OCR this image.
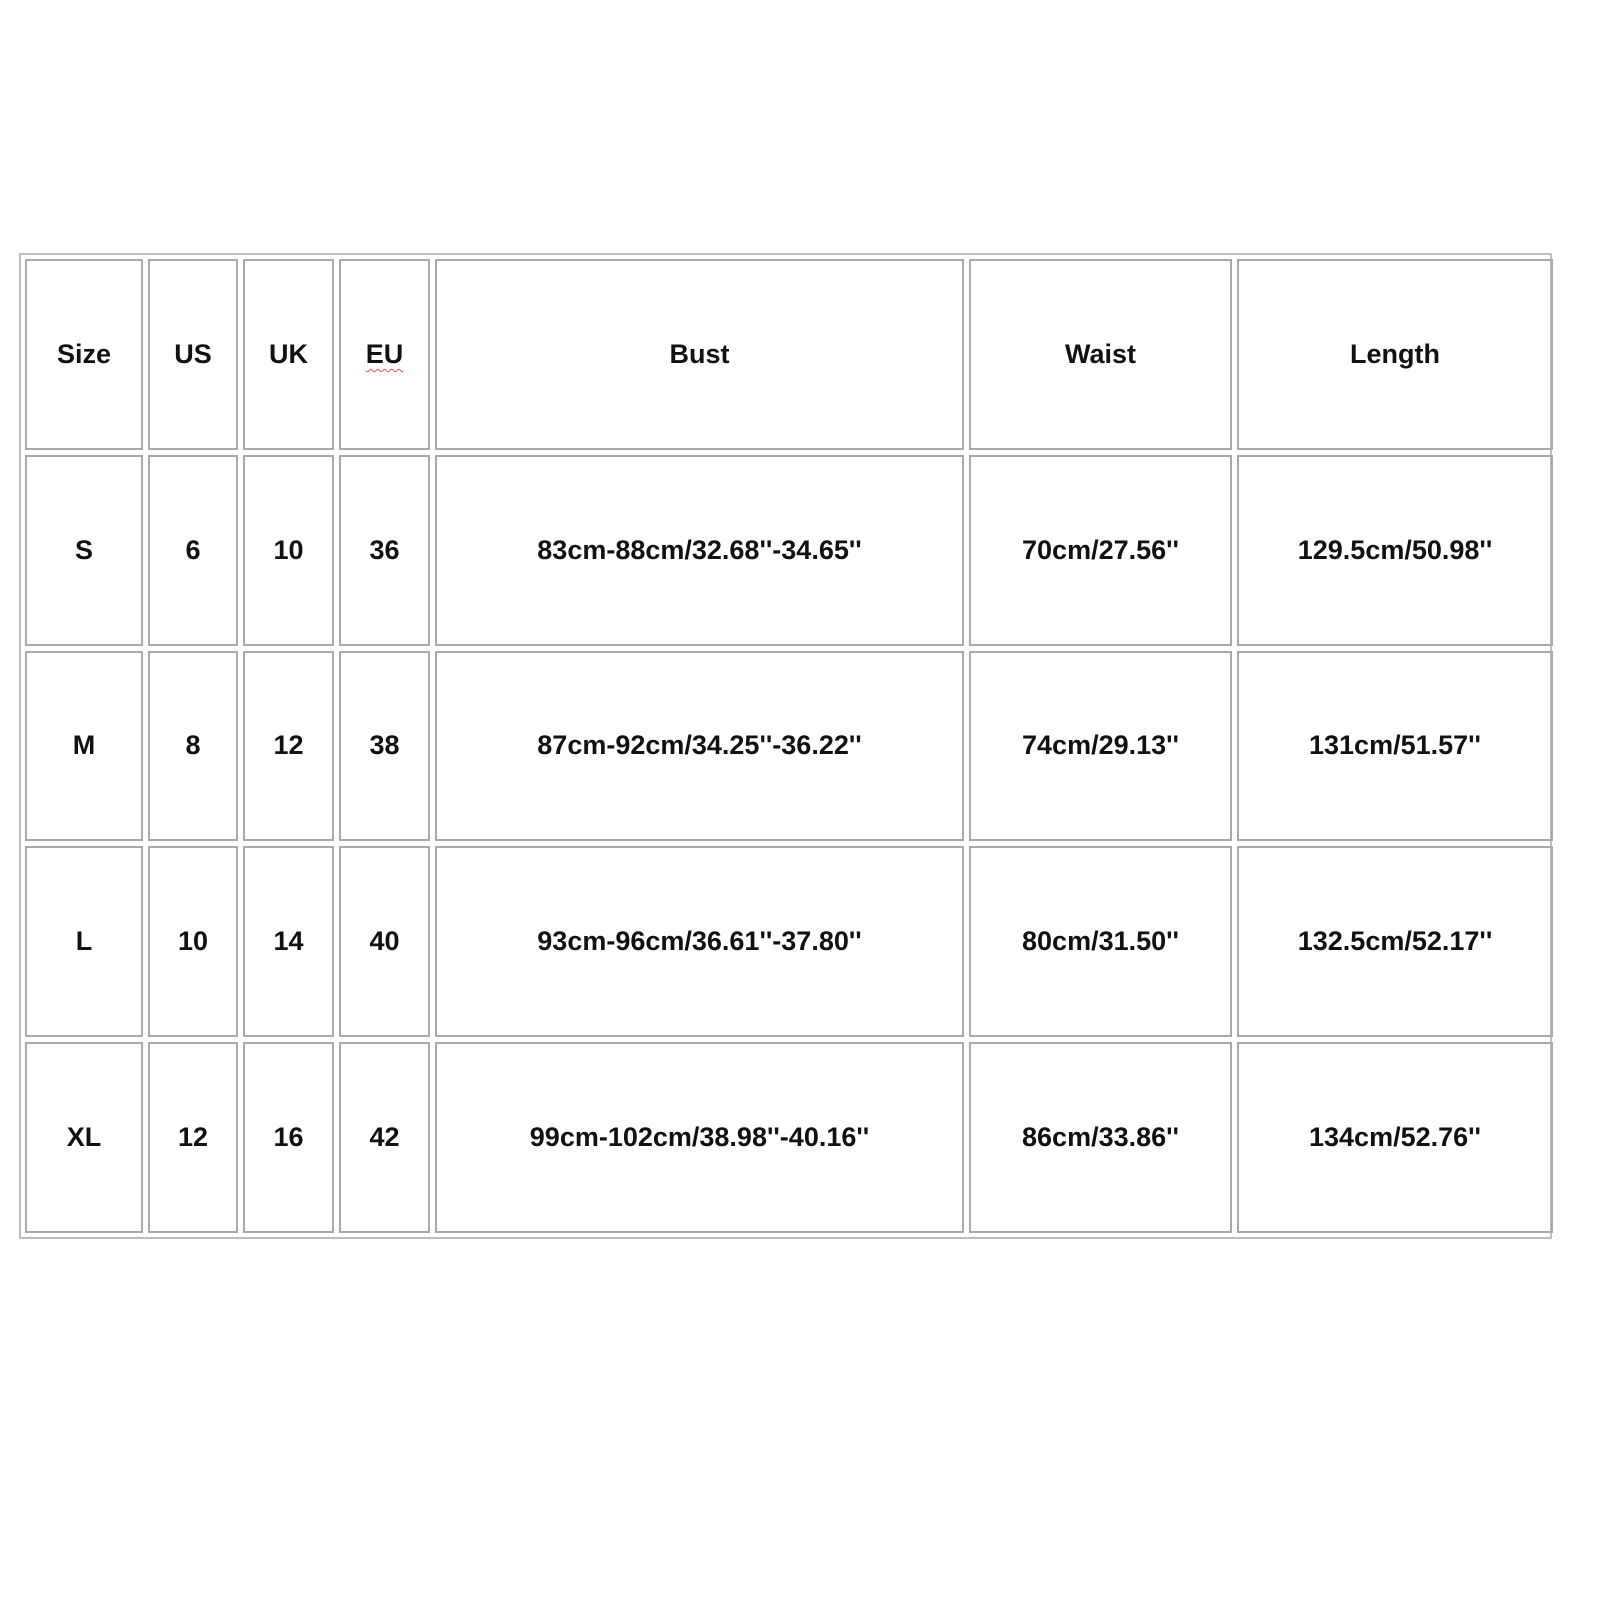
Size	US	UK	EU	Bust	Waist	Length
S	6	10	36	83cm-88cm/32.68''-34.65''	70cm/27.56''	129.5cm/50.98''
M	8	12	38	87cm-92cm/34.25''-36.22''	74cm/29.13''	131cm/51.57''
L	10	14	40	93cm-96cm/36.61''-37.80''	80cm/31.50''	132.5cm/52.17''
XL	12	16	42	99cm-102cm/38.98''-40.16''	86cm/33.86''	134cm/52.76''
